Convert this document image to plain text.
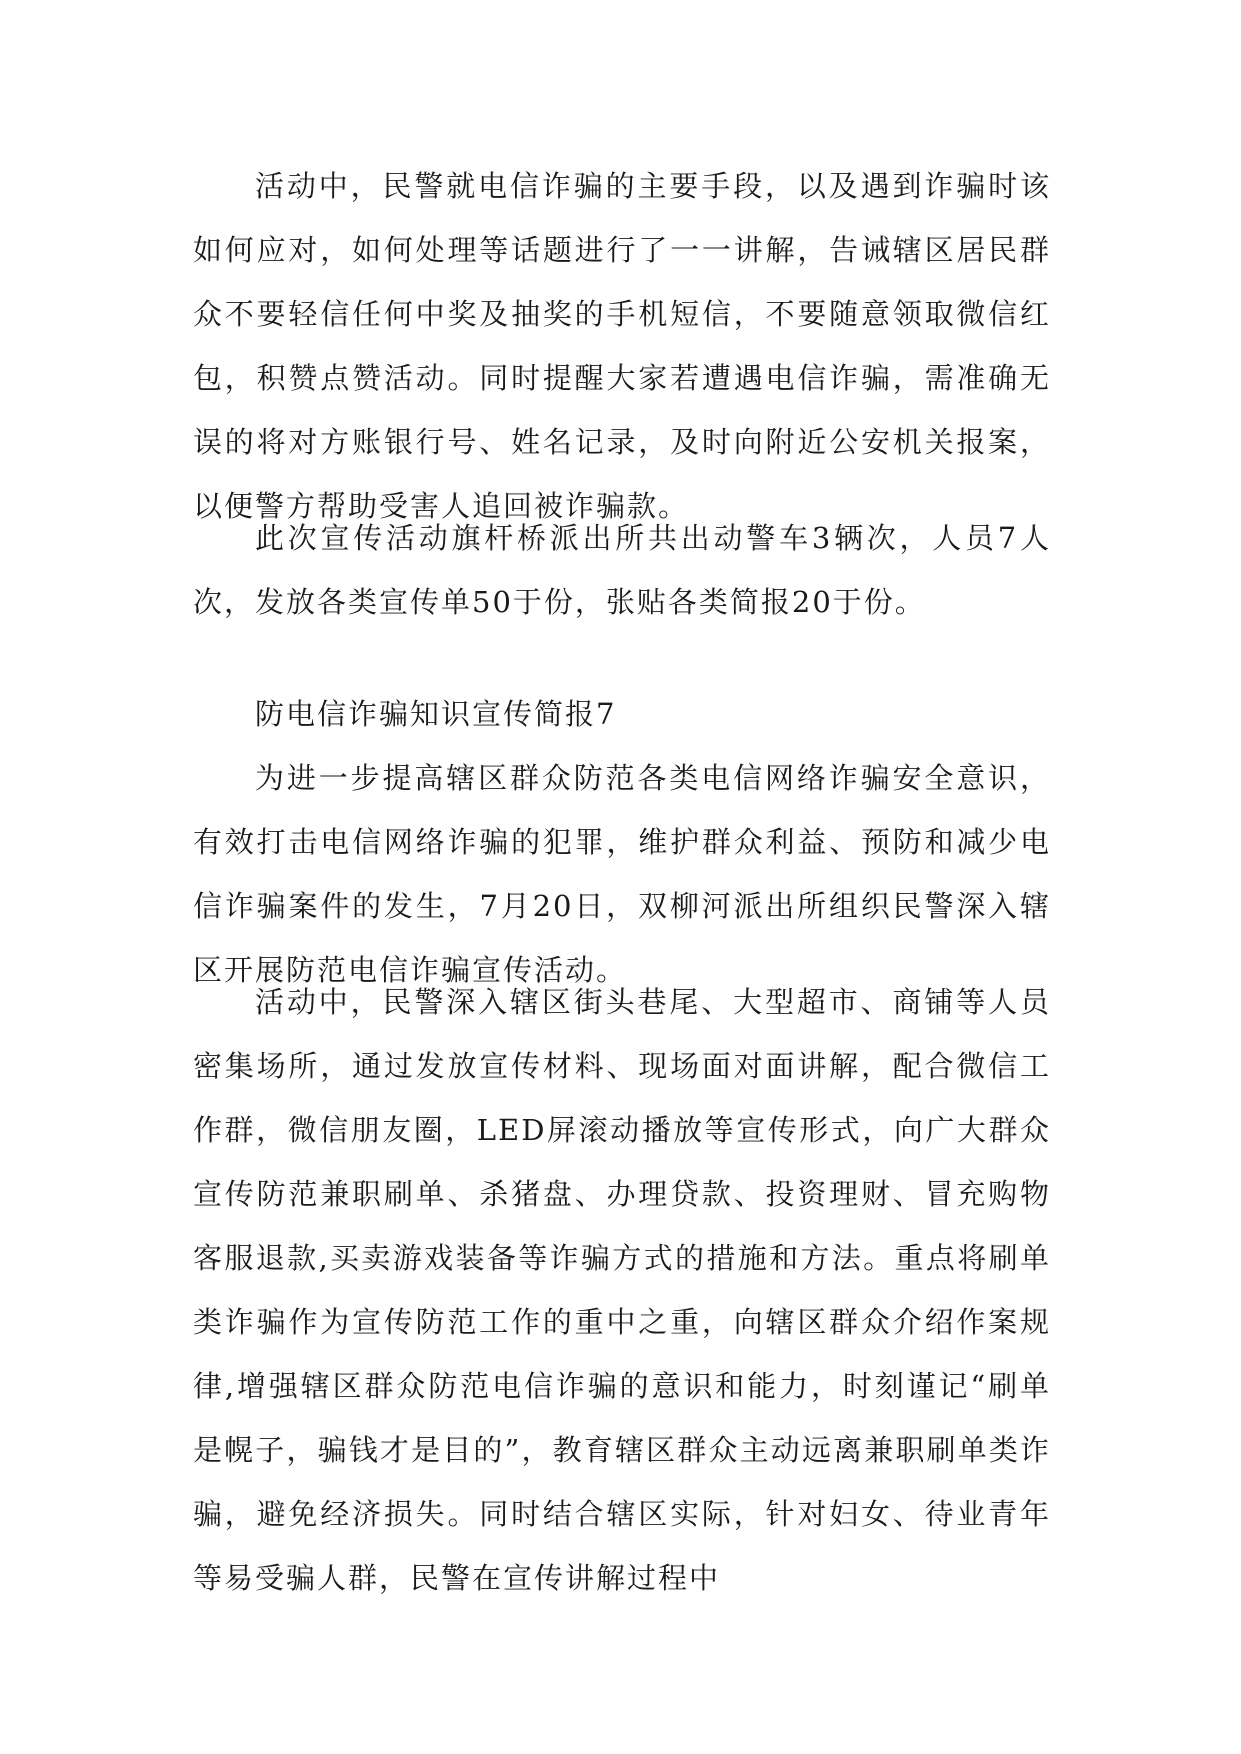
活动中，民警就电信诈骗的主要手段，以及遇到诈骗时该如何应对，如何处理等话题进行了一一讲解，告诫辖区居民群众不要轻信任何中奖及抽奖的手机短信，不要随意领取微信红包，积赞点赞活动。同时提醒大家若遭遇电信诈骗，需准确无误的将对方账银行号、姓名记录，及时向附近公安机关报案，以便警方帮助受害人追回被诈骗款。

此次宣传活动旗杆桥派出所共出动警车3辆次，人员7人次，发放各类宣传单50于份，张贴各类简报20于份。

防电信诈骗知识宣传简报7

为进一步提高辖区群众防范各类电信网络诈骗安全意识，有效打击电信网络诈骗的犯罪，维护群众利益、预防和减少电信诈骗案件的发生，7月20日，双柳河派出所组织民警深入辖区开展防范电信诈骗宣传活动。

活动中，民警深入辖区街头巷尾、大型超市、商铺等人员密集场所，通过发放宣传材料、现场面对面讲解，配合微信工作群，微信朋友圈，LED屏滚动播放等宣传形式，向广大群众宣传防范兼职刷单、杀猪盘、办理贷款、投资理财、冒充购物客服退款,买卖游戏装备等诈骗方式的措施和方法。重点将刷单类诈骗作为宣传防范工作的重中之重，向辖区群众介绍作案规律,增强辖区群众防范电信诈骗的意识和能力，时刻谨记“刷单是幌子，骗钱才是目的”，教育辖区群众主动远离兼职刷单类诈骗，避免经济损失。同时结合辖区实际，针对妇女、待业青年等易受骗人群，民警在宣传讲解过程中
